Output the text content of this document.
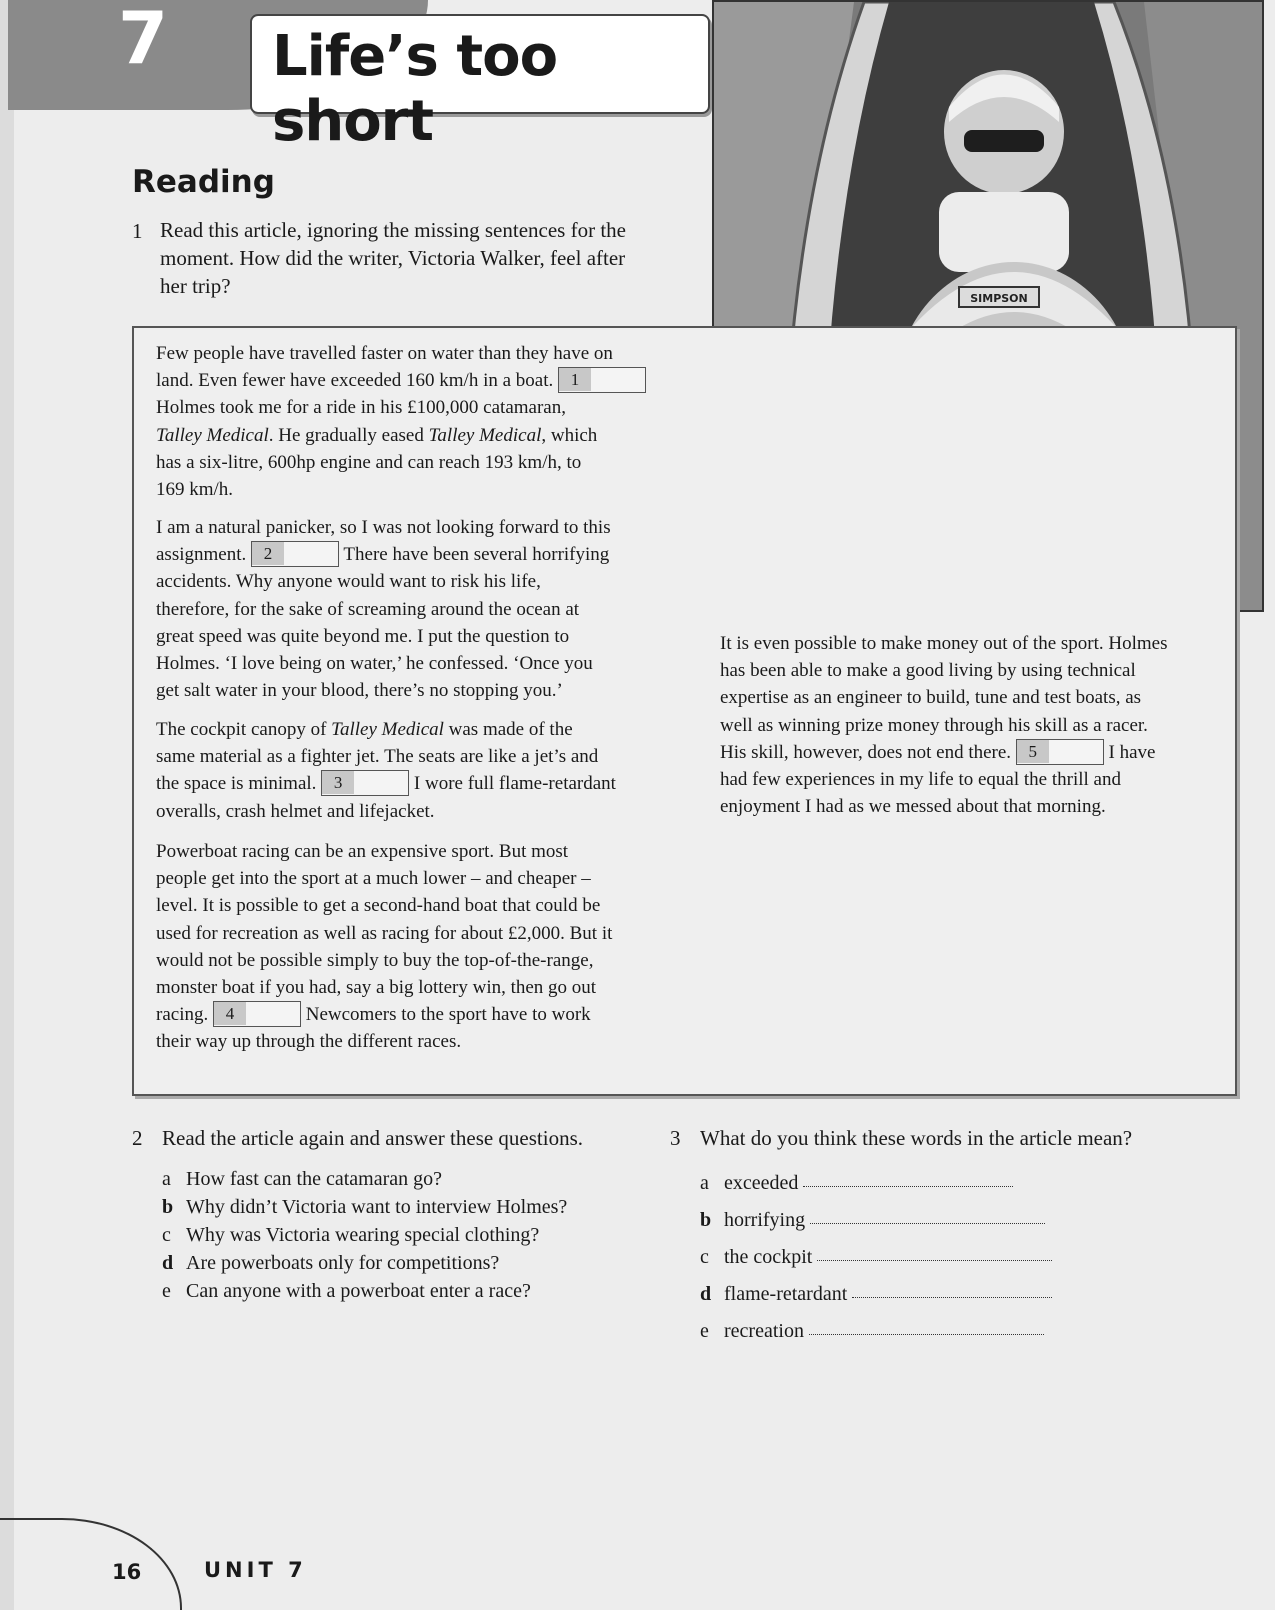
7 Life’s too short
SIMPSON
Reading
1 Read this article, ignoring the missing sentences for the
moment. How did the writer, Victoria Walker, feel after
her trip?
Few people have travelled faster on water than they have on
land. Even fewer have exceeded 160 km/h in a boat.	1
Holmes took me for a ride in his £100,000 catamaran,
Talley Medical. He gradually eased Talley Medical, which
has a six-litre, 600hp engine and can reach 193 km/h, to
169 km/h.
I am a natural panicker, so I was not looking forward to this
assignment.	2	There have been several horrifying
accidents. Why anyone would want to risk his life,
therefore, for the sake of screaming around the ocean at
great speed was quite beyond me. I put the question to
Holmes. ‘I love being on water,’ he confessed. ‘Once you
get salt water in your blood, there’s no stopping you.’
The cockpit canopy of Talley Medical was made of the
same material as a fighter jet. The seats are like a jet’s and
the space is minimal.	3	I wore full flame-retardant
overalls, crash helmet and lifejacket.
Powerboat racing can be an expensive sport. But most
people get into the sport at a much lower – and cheaper –
level. It is possible to get a second-hand boat that could be
used for recreation as well as racing for about £2,000. But it
would not be possible simply to buy the top-of-the-range,
monster boat if you had, say a big lottery win, then go out
racing.	4	Newcomers to the sport have to work
their way up through the different races.
It is even possible to make money out of the sport. Holmes
has been able to make a good living by using technical
expertise as an engineer to build, tune and test boats, as
well as winning prize money through his skill as a racer.
His skill, however, does not end there.	5	I have
had few experiences in my life to equal the thrill and
enjoyment I had as we messed about that morning.
2 Read the article again and answer these questions.
a How fast can the catamaran go?
b Why didn’t Victoria want to interview Holmes?
c Why was Victoria wearing special clothing?
d Are powerboats only for competitions?
e Can anyone with a powerboat enter a race?
3 What do you think these words in the article mean?
a exceeded
b horrifying
c the cockpit
d flame-retardant
e recreation
16	UNIT 7
